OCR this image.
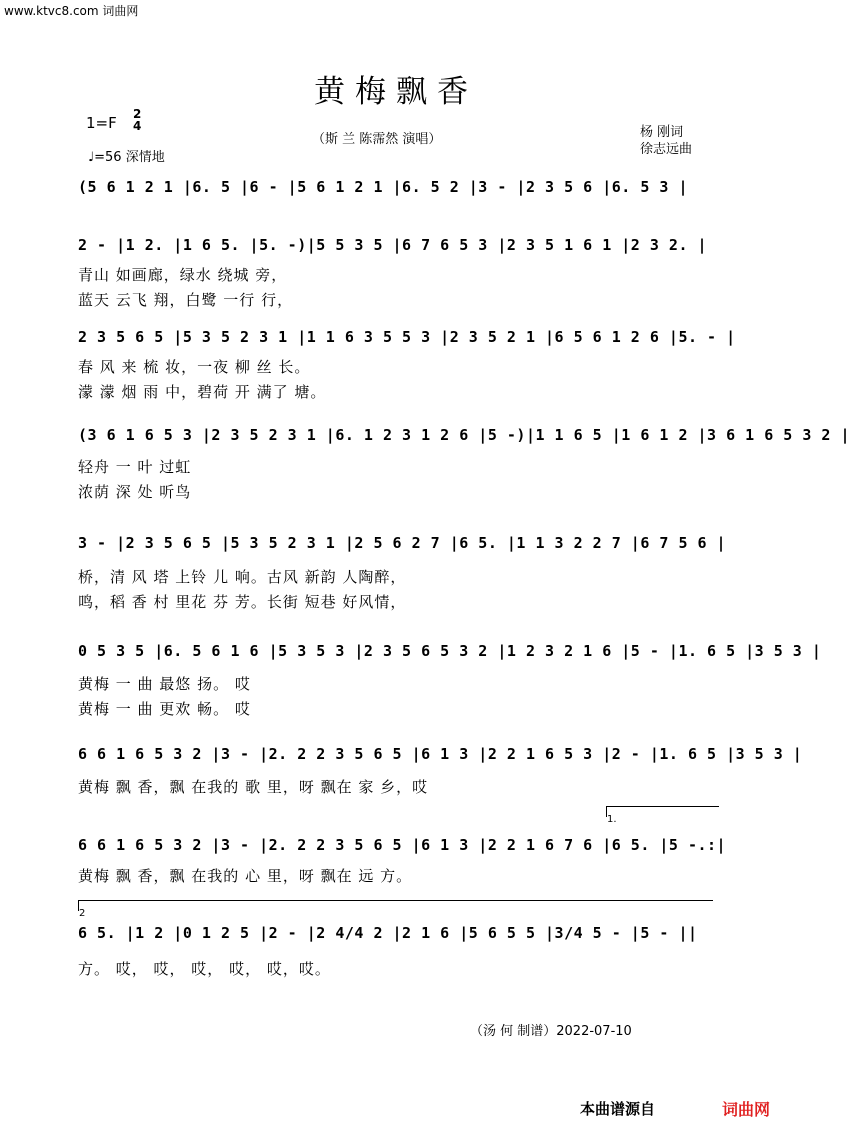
www.ktvc8.com 词曲网
黄梅飘香
1=F 2
4
♩=56 深情地
（斯 兰 陈霈然 演唱）	杨 刚词
徐志远曲
(5 6 1 2 1 |6. 5 |6 - |5 6 1 2 1 |6. 5 2 |3 - |2 3 5 6 |6. 5 3 |
2 - |1 2. |1 6 5. |5. -)|5 5 3 5 |6 7 6 5 3 |2 3 5 1 6 1 |2 3 2. |
青山 如画廊，绿水 绕城 旁，
蓝天 云飞 翔，白鹭 一行 行，
2 3 5 6 5 |5 3 5 2 3 1 |1 1 6 3 5 5 3 |2 3 5 2 1 |6 5 6 1 2 6 |5. - |
春 风 来 梳 妆，一夜 柳 丝 长。
濛 濛 烟 雨 中，碧荷 开 满了 塘。
(3 6 1 6 5 3 |2 3 5 2 3 1 |6. 1 2 3 1 2 6 |5 -)|1 1 6 5 |1 6 1 2 |3 6 1 6 5 3 2 |
轻舟 一 叶 过虹
浓荫 深 处 听鸟
3 - |2 3 5 6 5 |5 3 5 2 3 1 |2 5 6 2 7 |6 5. |1 1 3 2 2 7 |6 7 5 6 |
桥，清 风 塔 上铃 儿 响。古风 新韵 人陶醉，
鸣，稻 香 村 里花 芬 芳。长街 短巷 好风情，
0 5 3 5 |6. 5 6 1 6 |5 3 5 3 |2 3 5 6 5 3 2 |1 2 3 2 1 6 |5 - |1. 6 5 |3 5 3 |
黄梅 一 曲 最悠 扬。 哎
黄梅 一 曲 更欢 畅。 哎
6 6 1 6 5 3 2 |3 - |2. 2 2 3 5 6 5 |6 1 3 |2 2 1 6 5 3 |2 - |1. 6 5 |3 5 3 |
黄梅 飘 香，飘 在我的 歌 里，呀 飘在 家 乡，哎
1.
6 6 1 6 5 3 2 |3 - |2. 2 2 3 5 6 5 |6 1 3 |2 2 1 6 7 6 |6 5. |5 -.:|
黄梅 飘 香，飘 在我的 心 里，呀 飘在 远 方。
2
6 5. |1 2 |0 1 2 5 |2 - |2 4/4 2 |2 1 6 |5 6 5 5 |3/4 5 - |5 - ||
方。 哎， 哎， 哎， 哎， 哎，哎。
（汤 何 制谱）2022-07-10
本曲谱源自	词曲网
